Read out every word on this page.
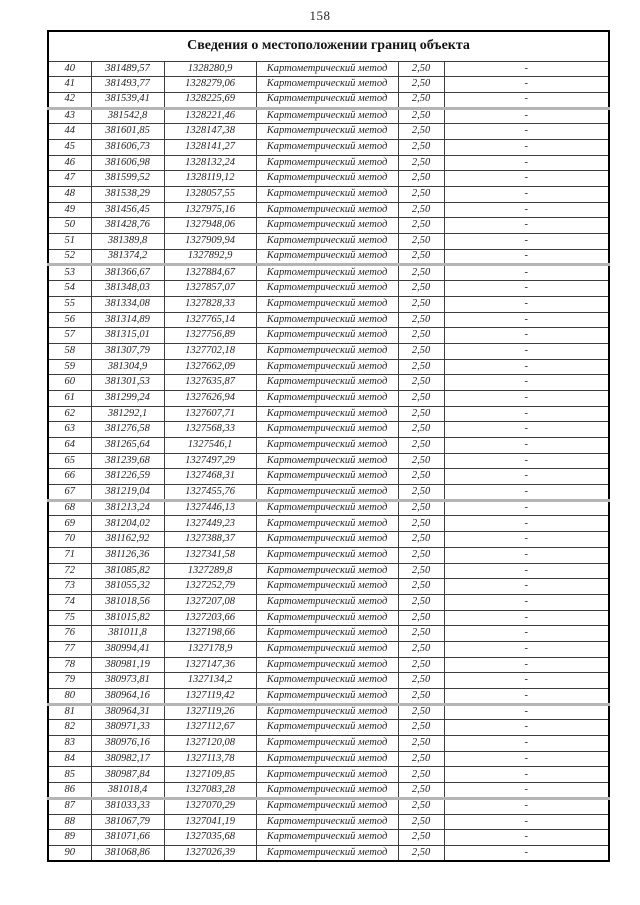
158
Сведения о местоположении границ объекта					
40	381489,57	1328280,9	Картометрический метод	2,50	-
41	381493,77	1328279,06	Картометрический метод	2,50	-
42	381539,41	1328225,69	Картометрический метод	2,50	-
43	381542,8	1328221,46	Картометрический метод	2,50	-
44	381601,85	1328147,38	Картометрический метод	2,50	-
45	381606,73	1328141,27	Картометрический метод	2,50	-
46	381606,98	1328132,24	Картометрический метод	2,50	-
47	381599,52	1328119,12	Картометрический метод	2,50	-
48	381538,29	1328057,55	Картометрический метод	2,50	-
49	381456,45	1327975,16	Картометрический метод	2,50	-
50	381428,76	1327948,06	Картометрический метод	2,50	-
51	381389,8	1327909,94	Картометрический метод	2,50	-
52	381374,2	1327892,9	Картометрический метод	2,50	-
53	381366,67	1327884,67	Картометрический метод	2,50	-
54	381348,03	1327857,07	Картометрический метод	2,50	-
55	381334,08	1327828,33	Картометрический метод	2,50	-
56	381314,89	1327765,14	Картометрический метод	2,50	-
57	381315,01	1327756,89	Картометрический метод	2,50	-
58	381307,79	1327702,18	Картометрический метод	2,50	-
59	381304,9	1327662,09	Картометрический метод	2,50	-
60	381301,53	1327635,87	Картометрический метод	2,50	-
61	381299,24	1327626,94	Картометрический метод	2,50	-
62	381292,1	1327607,71	Картометрический метод	2,50	-
63	381276,58	1327568,33	Картометрический метод	2,50	-
64	381265,64	1327546,1	Картометрический метод	2,50	-
65	381239,68	1327497,29	Картометрический метод	2,50	-
66	381226,59	1327468,31	Картометрический метод	2,50	-
67	381219,04	1327455,76	Картометрический метод	2,50	-
68	381213,24	1327446,13	Картометрический метод	2,50	-
69	381204,02	1327449,23	Картометрический метод	2,50	-
70	381162,92	1327388,37	Картометрический метод	2,50	-
71	381126,36	1327341,58	Картометрический метод	2,50	-
72	381085,82	1327289,8	Картометрический метод	2,50	-
73	381055,32	1327252,79	Картометрический метод	2,50	-
74	381018,56	1327207,08	Картометрический метод	2,50	-
75	381015,82	1327203,66	Картометрический метод	2,50	-
76	381011,8	1327198,66	Картометрический метод	2,50	-
77	380994,41	1327178,9	Картометрический метод	2,50	-
78	380981,19	1327147,36	Картометрический метод	2,50	-
79	380973,81	1327134,2	Картометрический метод	2,50	-
80	380964,16	1327119,42	Картометрический метод	2,50	-
81	380964,31	1327119,26	Картометрический метод	2,50	-
82	380971,33	1327112,67	Картометрический метод	2,50	-
83	380976,16	1327120,08	Картометрический метод	2,50	-
84	380982,17	1327113,78	Картометрический метод	2,50	-
85	380987,84	1327109,85	Картометрический метод	2,50	-
86	381018,4	1327083,28	Картометрический метод	2,50	-
87	381033,33	1327070,29	Картометрический метод	2,50	-
88	381067,79	1327041,19	Картометрический метод	2,50	-
89	381071,66	1327035,68	Картометрический метод	2,50	-
90	381068,86	1327026,39	Картометрический метод	2,50	-
